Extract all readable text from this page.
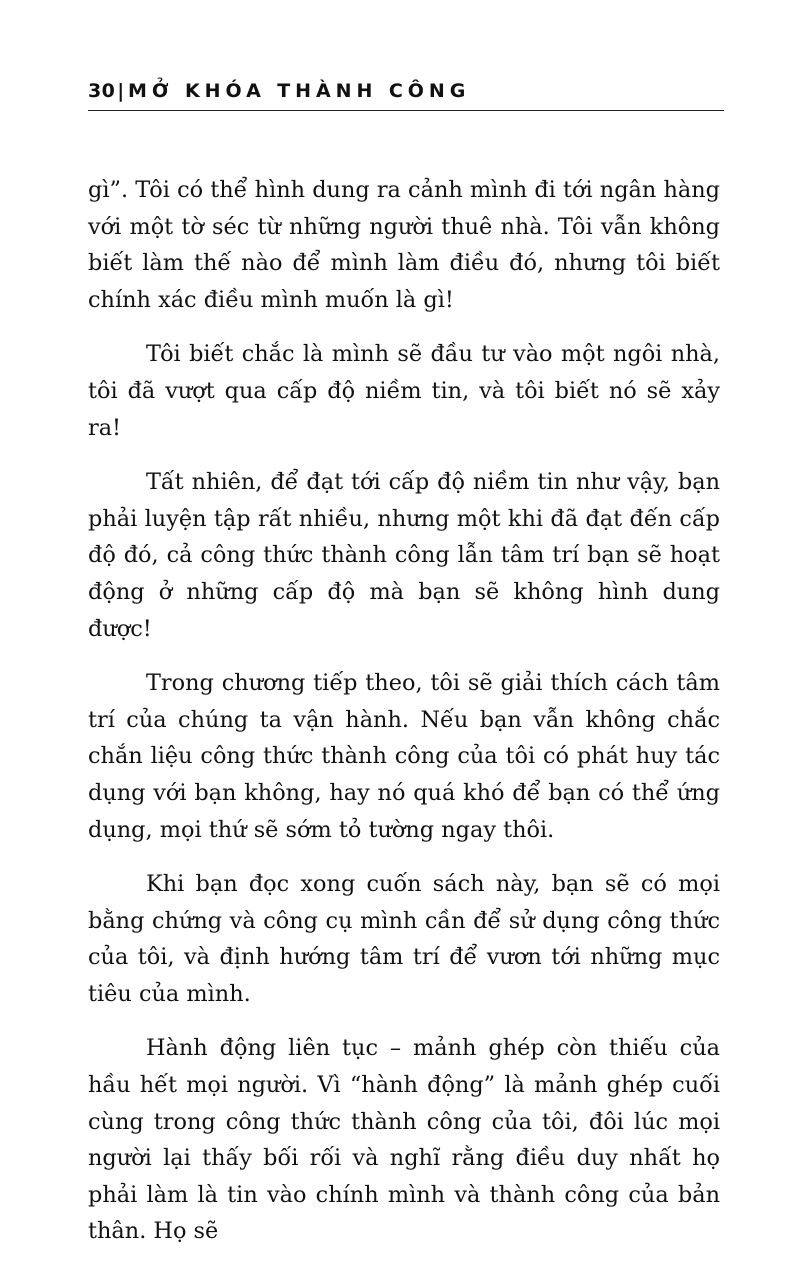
30 | MỞ KHÓA THÀNH CÔNG

gì”. Tôi có thể hình dung ra cảnh mình đi tới ngân hàng với một tờ séc từ những người thuê nhà. Tôi vẫn không biết làm thế nào để mình làm điều đó, nhưng tôi biết chính xác điều mình muốn là gì!

Tôi biết chắc là mình sẽ đầu tư vào một ngôi nhà, tôi đã vượt qua cấp độ niềm tin, và tôi biết nó sẽ xảy ra!

Tất nhiên, để đạt tới cấp độ niềm tin như vậy, bạn phải luyện tập rất nhiều, nhưng một khi đã đạt đến cấp độ đó, cả công thức thành công lẫn tâm trí bạn sẽ hoạt động ở những cấp độ mà bạn sẽ không hình dung được!

Trong chương tiếp theo, tôi sẽ giải thích cách tâm trí của chúng ta vận hành. Nếu bạn vẫn không chắc chắn liệu công thức thành công của tôi có phát huy tác dụng với bạn không, hay nó quá khó để bạn có thể ứng dụng, mọi thứ sẽ sớm tỏ tường ngay thôi.

Khi bạn đọc xong cuốn sách này, bạn sẽ có mọi bằng chứng và công cụ mình cần để sử dụng công thức của tôi, và định hướng tâm trí để vươn tới những mục tiêu của mình.

Hành động liên tục – mảnh ghép còn thiếu của hầu hết mọi người. Vì “hành động” là mảnh ghép cuối cùng trong công thức thành công của tôi, đôi lúc mọi người lại thấy bối rối và nghĩ rằng điều duy nhất họ phải làm là tin vào chính mình và thành công của bản thân. Họ sẽ
